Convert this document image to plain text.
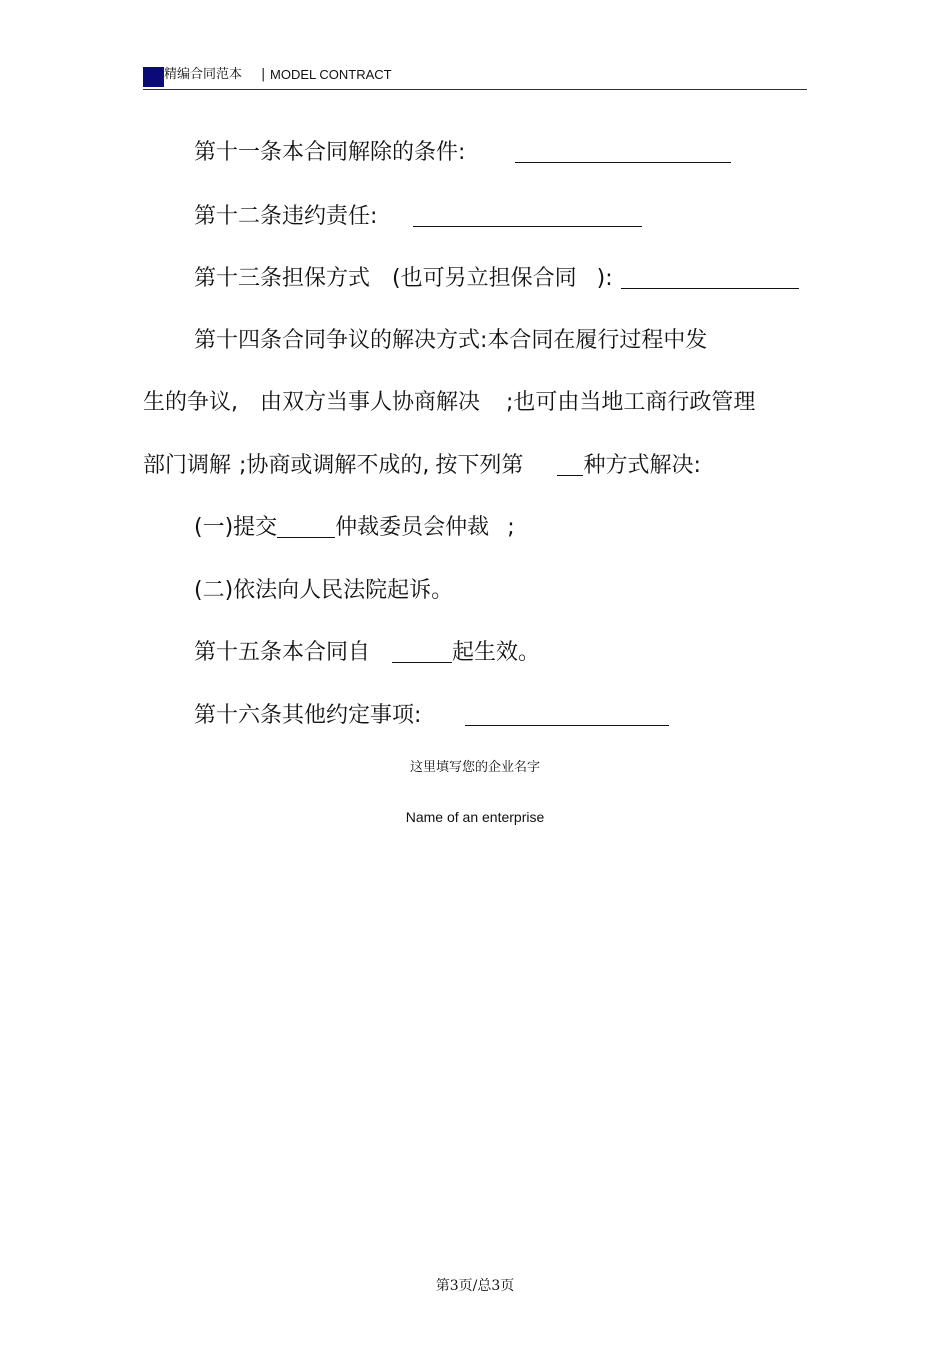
精编合同范本 | MODEL CONTRACT
第十一条本合同解除的条件:
第十二条违约责任:
第十三条担保方式 (也可另立担保合同 ):
第十四条合同争议的解决方式:本合同在履行过程中发
生的争议, 由双方当事人协商解决 ;也可由当地工商行政管理
部门调解 ;协商或调解不成的, 按下列第	种方式解决:
(一)提交	仲裁委员会仲裁 ;
(二)依法向人民法院起诉。
第十五条本合同自	起生效。
第十六条其他约定事项:
这里填写您的企业名字
Name of an enterprise
第3页/总3页
